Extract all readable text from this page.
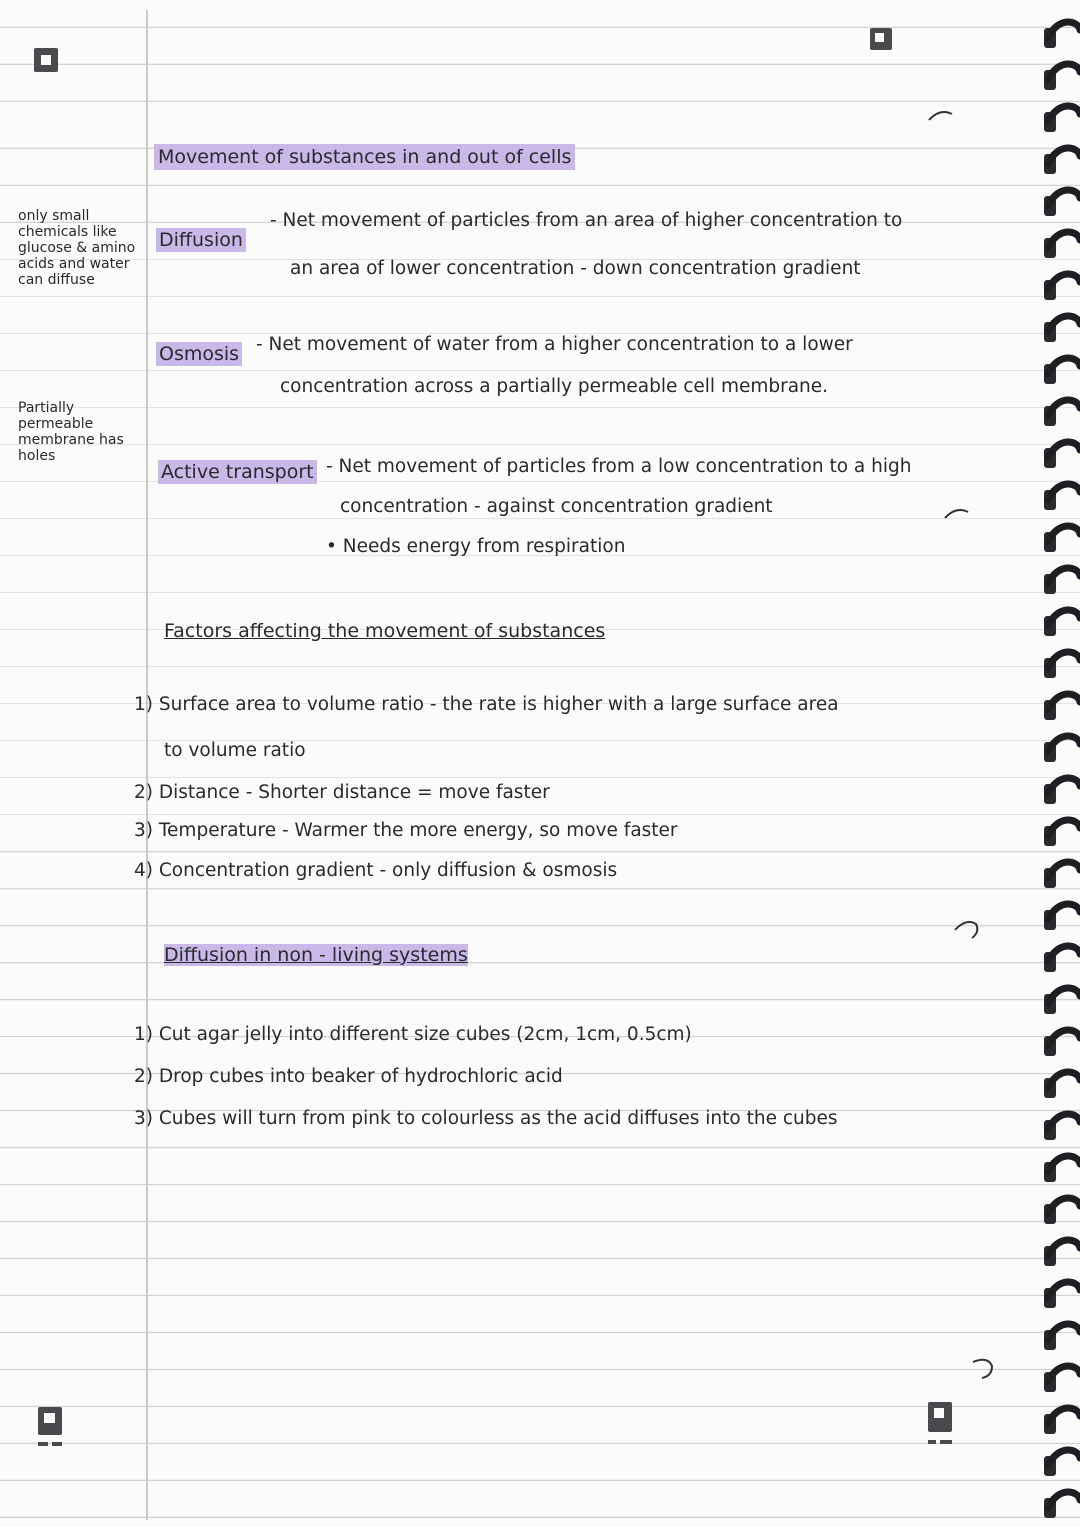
Movement of substances in and out of cells
only small chemicals like glucose & amino acids and water can diffuse
Partially permeable membrane has holes
Diffusion
- Net movement of particles from an area of higher concentration to
an area of lower concentration - down concentration gradient
Osmosis - Net movement of water from a higher concentration to a lower
concentration across a partially permeable cell membrane.
Active transport - Net movement of particles from a low concentration to a high
concentration - against concentration gradient
• Needs energy from respiration
Factors affecting the movement of substances
1) Surface area to volume ratio - the rate is higher with a large surface area
to volume ratio
2) Distance - Shorter distance = move faster
3) Temperature - Warmer the more energy, so move faster
4) Concentration gradient - only diffusion & osmosis
Diffusion in non - living systems
1) Cut agar jelly into different size cubes (2cm, 1cm, 0.5cm)
2) Drop cubes into beaker of hydrochloric acid
3) Cubes will turn from pink to colourless as the acid diffuses into the cubes
